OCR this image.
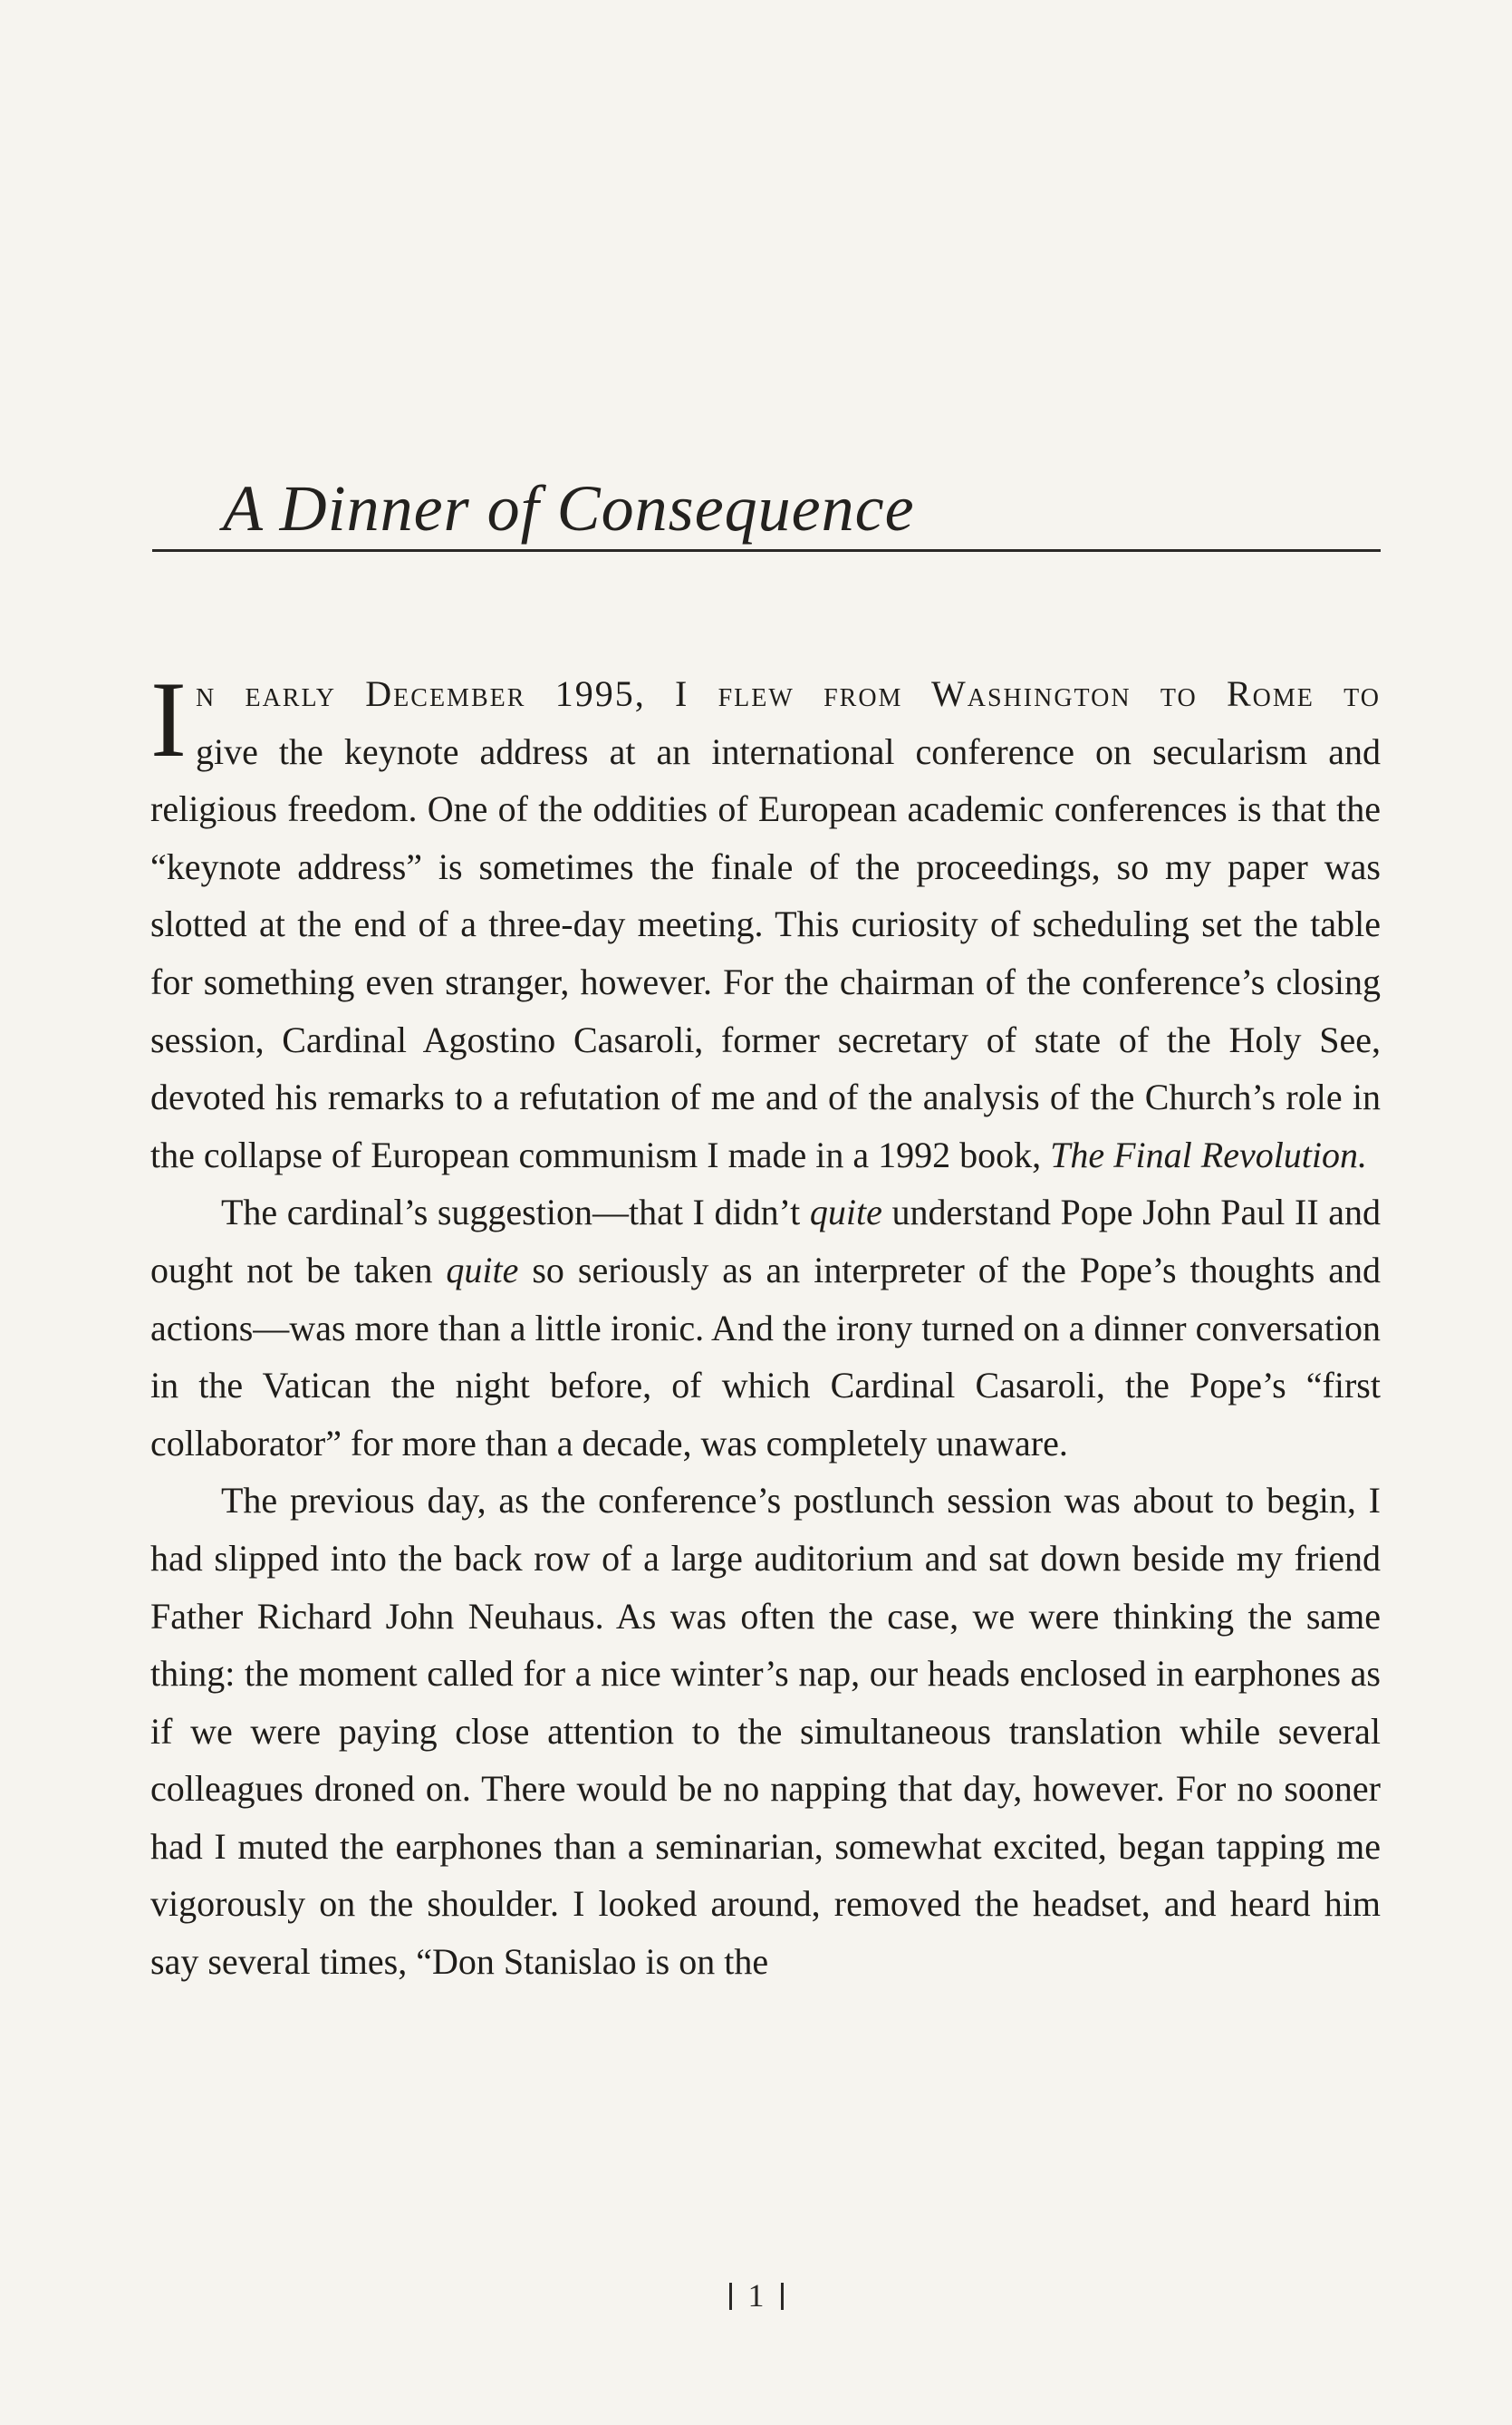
A Dinner of Consequence

I n early December 1995, I flew from Washington to Rome to
give the keynote address at an international conference on secularism and religious freedom. One of the oddities of European academic conferences is that the “keynote address” is sometimes the finale of the proceedings, so my paper was slotted at the end of a three-day meeting. This curiosity of scheduling set the table for something even stranger, however. For the chairman of the conference’s closing session, Cardinal Agostino Casaroli, former secretary of state of the Holy See, devoted his remarks to a refutation of me and of the analysis of the Church’s role in the collapse of European communism I made in a 1992 book, The Final Revolution.

The cardinal’s suggestion—that I didn’t quite understand Pope John Paul II and ought not be taken quite so seriously as an interpreter of the Pope’s thoughts and actions—was more than a little ironic. And the irony turned on a dinner conversation in the Vatican the night before, of which Cardinal Casaroli, the Pope’s “first collaborator” for more than a decade, was completely unaware.

The previous day, as the conference’s postlunch session was about to begin, I had slipped into the back row of a large auditorium and sat down beside my friend Father Richard John Neuhaus. As was often the case, we were thinking the same thing: the moment called for a nice winter’s nap, our heads enclosed in earphones as if we were paying close attention to the simultaneous translation while several colleagues droned on. There would be no napping that day, however. For no sooner had I muted the earphones than a seminarian, somewhat excited, began tapping me vigorously on the shoulder. I looked around, removed the headset, and heard him say several times, “Don Stanislao is on the

1
